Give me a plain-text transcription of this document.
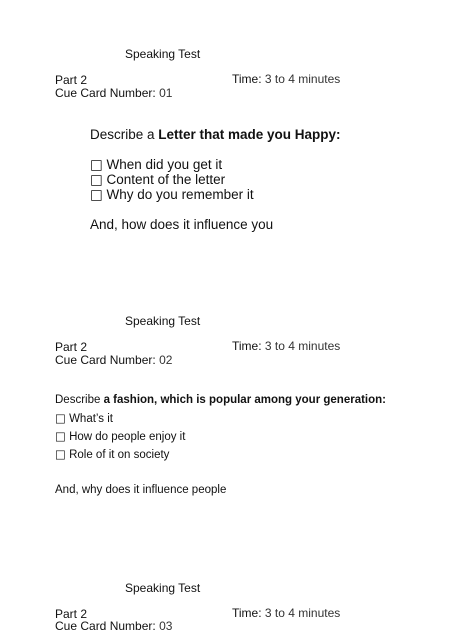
Speaking Test
Part 2	Time: 3 to 4 minutes
Cue Card Number: 01
Describe a Letter that made you Happy:
□ When did you get it
□ Content of the letter
□ Why do you remember it
And, how does it influence you
Speaking Test
Part 2	Time: 3 to 4 minutes
Cue Card Number: 02
Describe a fashion, which is popular among your generation:
□ What’s it
□ How do people enjoy it
□ Role of it on society
And, why does it influence people
Speaking Test
Part 2	Time: 3 to 4 minutes
Cue Card Number: 03
